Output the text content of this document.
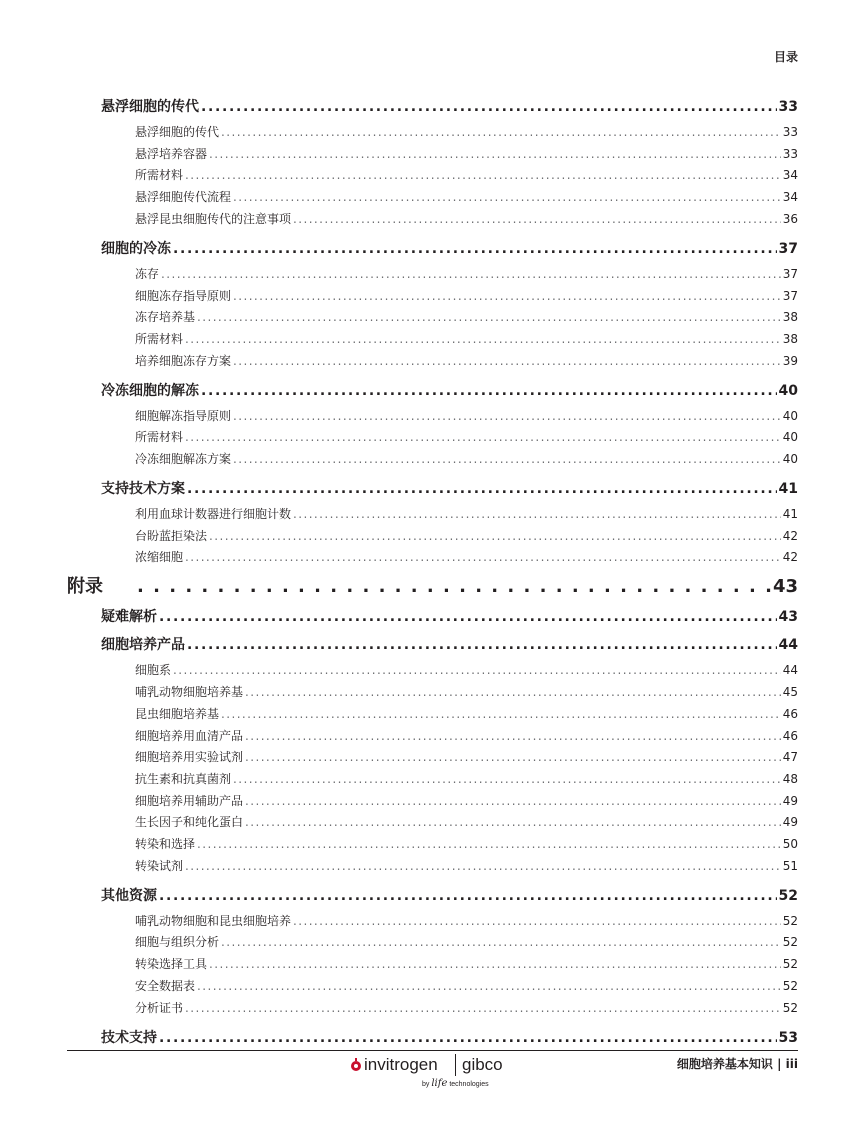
目录
悬浮细胞的传代 . . .	33
悬浮细胞的传代 . . .	33
悬浮培养容器 . . .	33
所需材料 . . .	34
悬浮细胞传代流程 . . .	34
悬浮昆虫细胞传代的注意事项 . . .	36
细胞的冷冻 . . .	37
冻存 . . .	37
细胞冻存指导原则 . . .	37
冻存培养基 . . .	38
所需材料 . . .	38
培养细胞冻存方案 . . .	39
冷冻细胞的解冻 . . .	40
细胞解冻指导原则 . . .	40
所需材料 . . .	40
冷冻细胞解冻方案 . . .	40
支持技术方案 . . .	41
利用血球计数器进行细胞计数 . . .	41
台盼蓝拒染法 . . .	42
浓缩细胞 . . .	42
附录 . . .	43
疑难解析 . . .	43
细胞培养产品 . . .	44
细胞系 . . .	44
哺乳动物细胞培养基 . . .	45
昆虫细胞培养基 . . .	46
细胞培养用血清产品 . . .	46
细胞培养用实验试剂 . . .	47
抗生素和抗真菌剂 . . .	48
细胞培养用辅助产品 . . .	49
生长因子和纯化蛋白 . . .	49
转染和选择 . . .	50
转染试剂 . . .	51
其他资源 . . .	52
哺乳动物细胞和昆虫细胞培养 . . .	52
细胞与组织分析 . . .	52
转染选择工具 . . .	52
安全数据表 . . .	52
分析证书 . . .	52
技术支持 . . .	53
invitrogen gibco
by life technologies
细胞培养基本知识 | iii
